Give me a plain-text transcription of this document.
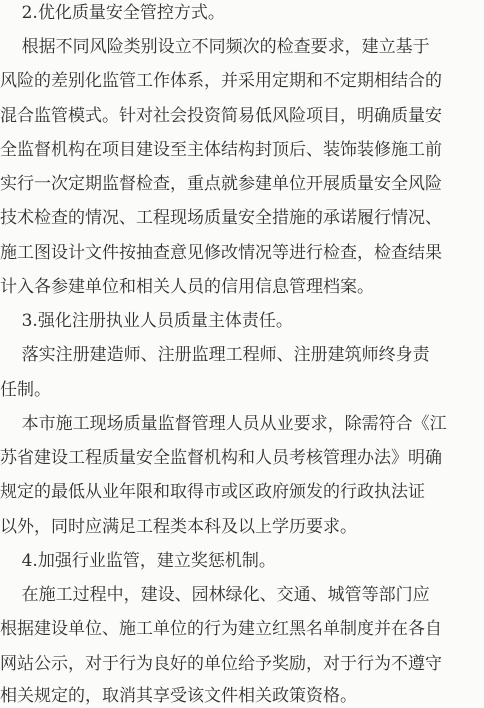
2.优化质量安全管控方式。
根据不同风险类别设立不同频次的检查要求，建立基于
风险的差别化监管工作体系，并采用定期和不定期相结合的
混合监管模式。针对社会投资简易低风险项目，明确质量安
全监督机构在项目建设至主体结构封顶后、装饰装修施工前
实行一次定期监督检查，重点就参建单位开展质量安全风险
技术检查的情况、工程现场质量安全措施的承诺履行情况、
施工图设计文件按抽查意见修改情况等进行检查，检查结果
计入各参建单位和相关人员的信用信息管理档案。
3.强化注册执业人员质量主体责任。
落实注册建造师、注册监理工程师、注册建筑师终身责
任制。
本市施工现场质量监督管理人员从业要求，除需符合《江
苏省建设工程质量安全监督机构和人员考核管理办法》明确
规定的最低从业年限和取得市或区政府颁发的行政执法证
以外，同时应满足工程类本科及以上学历要求。
4.加强行业监管，建立奖惩机制。
在施工过程中，建设、园林绿化、交通、城管等部门应
根据建设单位、施工单位的行为建立红黑名单制度并在各自
网站公示，对于行为良好的单位给予奖励，对于行为不遵守
相关规定的，取消其享受该文件相关政策资格。
